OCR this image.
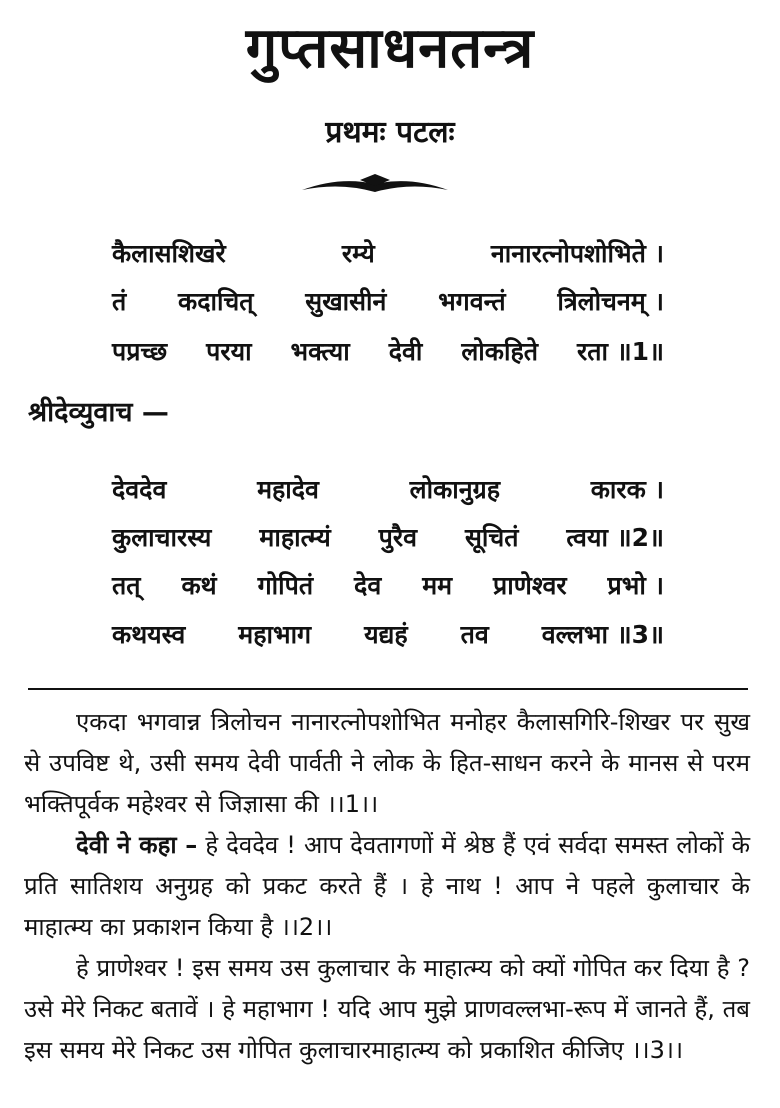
गुप्तसाधनतन्त्र
प्रथमः पटलः
कैलासशिखरे	रम्ये	नानारत्नोपशोभिते ।
तं कदाचित् सुखासीनं भगवन्तं त्रिलोचनम् ।
पप्रच्छ परया भक्त्या देवी लोकहिते रता ॥1॥
श्रीदेव्युवाच —
देवदेव	महादेव	लोकानुग्रह	कारक ।
कुलाचारस्य माहात्म्यं पुरैव सूचितं त्वया ॥2॥
तत् कथं गोपितं देव मम प्राणेश्वर प्रभो ।
कथयस्व महाभाग यद्यहं तव वल्लभा ॥3॥

एकदा भगवान्न त्रिलोचन नानारत्नोपशोभित मनोहर कैलासगिरि-शिखर पर सुख से उपविष्ट थे, उसी समय देवी पार्वती ने लोक के हित-साधन करने के मानस से परम भक्तिपूर्वक महेश्वर से जिज्ञासा की ।।1।।

देवी ने कहा – हे देवदेव ! आप देवतागणों में श्रेष्ठ हैं एवं सर्वदा समस्त लोकों के प्रति सातिशय अनुग्रह को प्रकट करते हैं । हे नाथ ! आप ने पहले कुलाचार के माहात्म्य का प्रकाशन किया है ।।2।।

हे प्राणेश्वर ! इस समय उस कुलाचार के माहात्म्य को क्यों गोपित कर दिया है ? उसे मेरे निकट बतावें । हे महाभाग ! यदि आप मुझे प्राणवल्लभा-रूप में जानते हैं, तब इस समय मेरे निकट उस गोपित कुलाचारमाहात्म्य को प्रकाशित कीजिए ।।3।।
